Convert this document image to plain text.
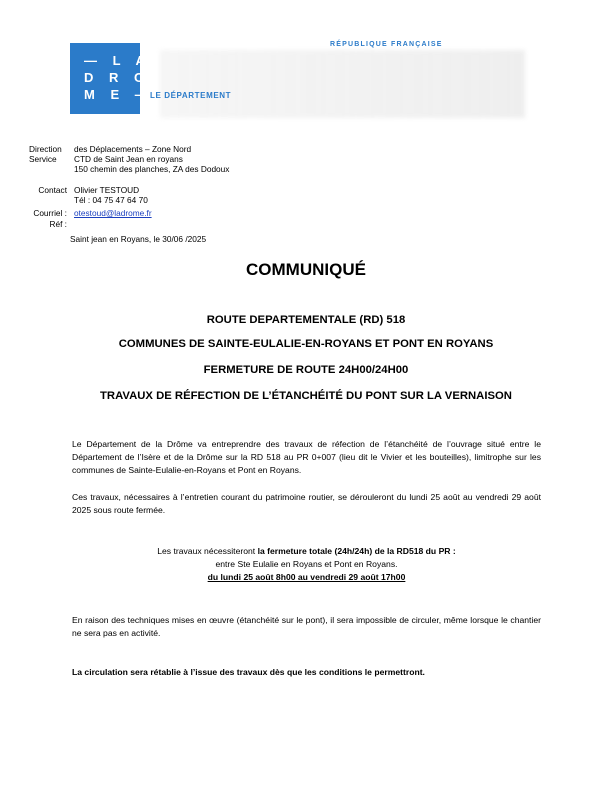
— L A
D R O
M E —
LE DÉPARTEMENT
RÉPUBLIQUE FRANÇAISE
Direction des Déplacements – Zone Nord
Service CTD de Saint Jean en royans
150 chemin des planches, ZA des Dodoux
Contact Olivier TESTOUD
Tél : 04 75 47 64 70
Courriel : otestoud@ladrome.fr
Réf :
Saint jean en Royans, le 30/06 /2025
COMMUNIQUÉ
ROUTE DEPARTEMENTALE (RD) 518
COMMUNES DE SAINTE-EULALIE-EN-ROYANS ET PONT EN ROYANS
FERMETURE DE ROUTE 24H00/24H00
TRAVAUX DE RÉFECTION DE L’ÉTANCHÉITÉ DU PONT SUR LA VERNAISON
Le Département de la Drôme va entreprendre des travaux de réfection de l’étanchéité de l’ouvrage situé entre le Département de l’Isère et de la Drôme sur la RD 518 au PR 0+007 (lieu dit le Vivier et les bouteilles), limitrophe sur les communes de Sainte-Eulalie-en-Royans et Pont en Royans.
Ces travaux, nécessaires à l’entretien courant du patrimoine routier, se dérouleront du lundi 25 août au vendredi 29 août 2025 sous route fermée.
Les travaux nécessiteront la fermeture totale (24h/24h) de la RD518 du PR :
entre Ste Eulalie en Royans et Pont en Royans.
du lundi 25 août 8h00 au vendredi 29 août 17h00
En raison des techniques mises en œuvre (étanchéité sur le pont), il sera impossible de circuler, même lorsque le chantier ne sera pas en activité.
La circulation sera rétablie à l’issue des travaux dès que les conditions le permettront.
